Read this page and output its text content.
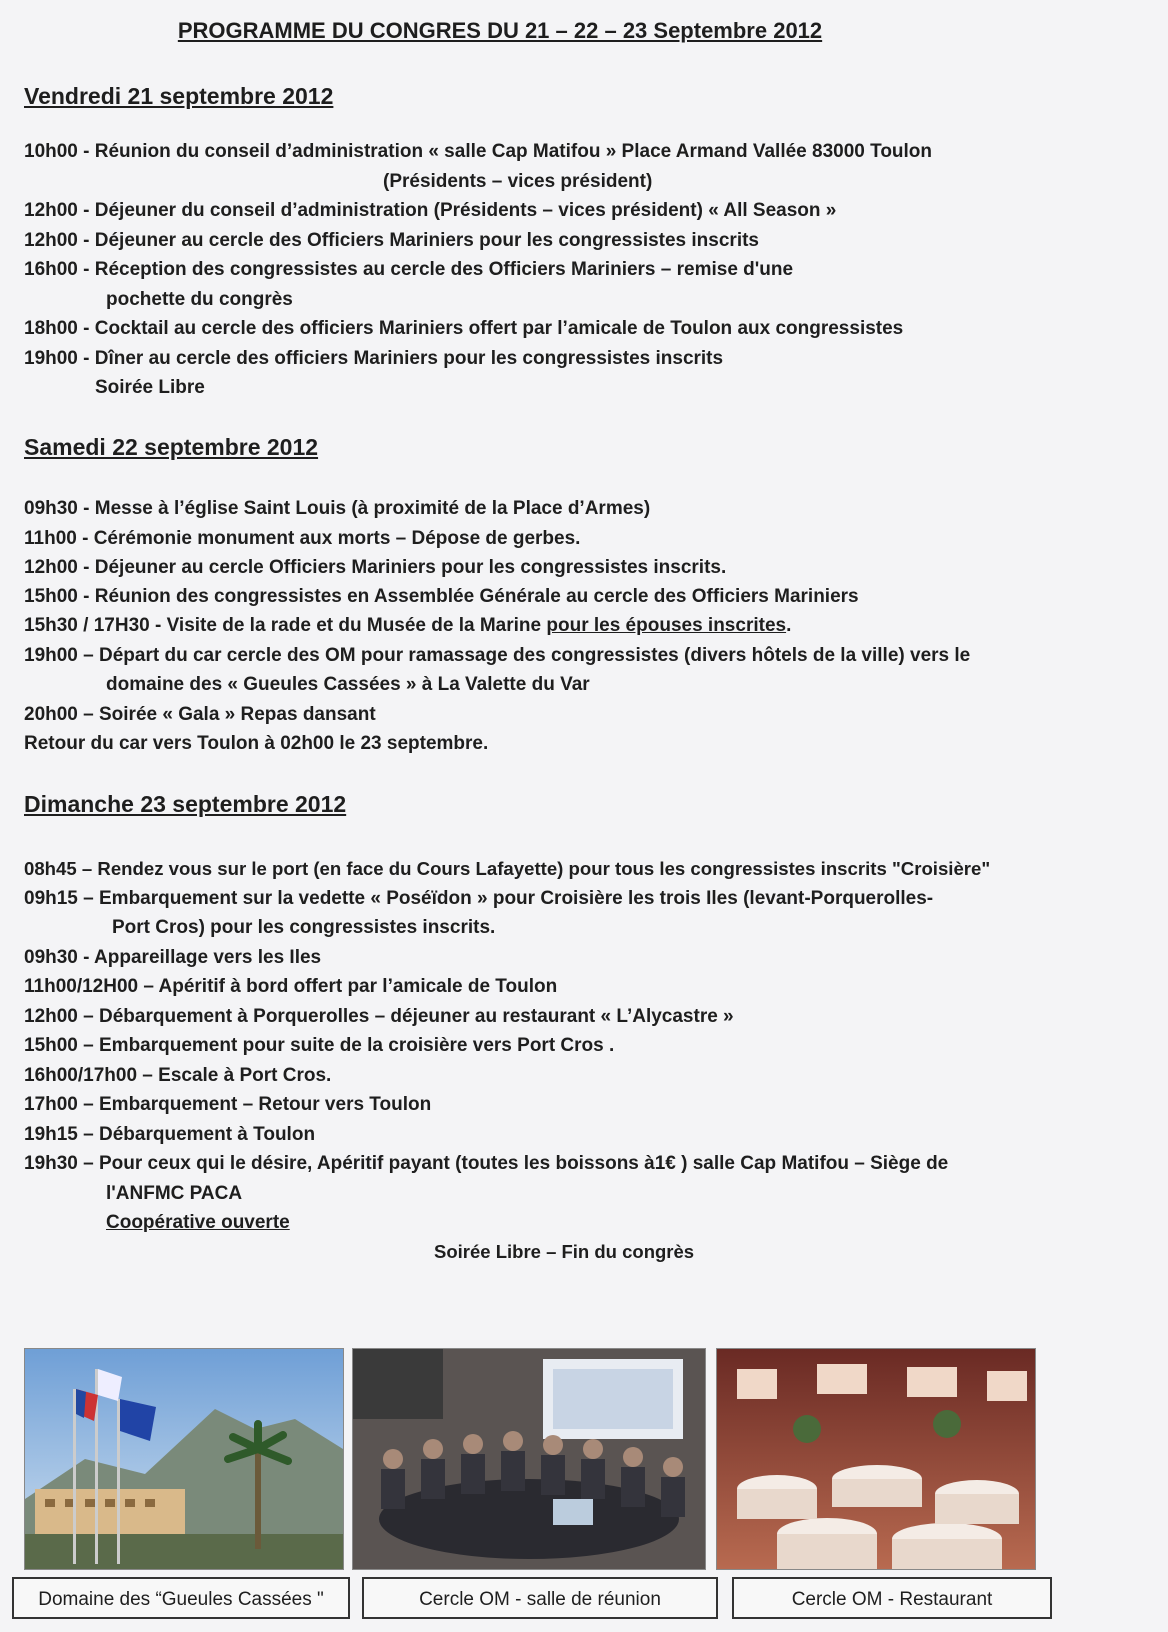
PROGRAMME DU CONGRES DU 21 – 22 – 23 Septembre 2012
Vendredi 21 septembre 2012
10h00 - Réunion du conseil d’administration « salle Cap Matifou » Place Armand Vallée 83000 Toulon
(Présidents – vices président)
12h00 - Déjeuner du conseil d’administration (Présidents – vices président) « All Season »
12h00 - Déjeuner au cercle des Officiers Mariniers pour les congressistes inscrits
16h00 - Réception des congressistes au cercle des Officiers Mariniers – remise d'une
pochette du congrès
18h00 - Cocktail au cercle des officiers Mariniers offert par l’amicale de Toulon aux congressistes
19h00 - Dîner au cercle des officiers Mariniers pour les congressistes inscrits
Soirée Libre
Samedi 22 septembre 2012
09h30 - Messe à l’église Saint Louis (à proximité de la Place d’Armes)
11h00 - Cérémonie monument aux morts – Dépose de gerbes.
12h00 - Déjeuner au cercle Officiers Mariniers pour les congressistes inscrits.
15h00 - Réunion des congressistes en Assemblée Générale au cercle des Officiers Mariniers
15h30 / 17H30 - Visite de la rade et du Musée de la Marine pour les épouses inscrites.
19h00 – Départ du car cercle des OM pour ramassage des congressistes (divers hôtels de la ville) vers le
domaine des « Gueules Cassées » à La Valette du Var
20h00 – Soirée « Gala » Repas dansant
Retour du car vers Toulon à 02h00 le 23 septembre.
Dimanche 23 septembre 2012
08h45 – Rendez vous sur le port (en face du Cours Lafayette) pour tous les congressistes inscrits "Croisière"
09h15 – Embarquement sur la vedette « Poséïdon » pour Croisière les trois Iles (levant-Porquerolles-
Port Cros) pour les congressistes inscrits.
09h30 - Appareillage vers les Iles
11h00/12H00 – Apéritif à bord offert par l’amicale de Toulon
12h00 – Débarquement à Porquerolles – déjeuner au restaurant « L’Alycastre »
15h00 – Embarquement pour suite de la croisière vers Port Cros .
16h00/17h00 – Escale à Port Cros.
17h00 – Embarquement – Retour vers Toulon
19h15 – Débarquement à Toulon
19h30 – Pour ceux qui le désire, Apéritif payant (toutes les boissons à1€ ) salle Cap Matifou – Siège de
l'ANFMC PACA
Coopérative ouverte
Soirée Libre – Fin du congrès
Domaine des “Gueules Cassées "	Cercle OM - salle de réunion	Cercle OM - Restaurant
